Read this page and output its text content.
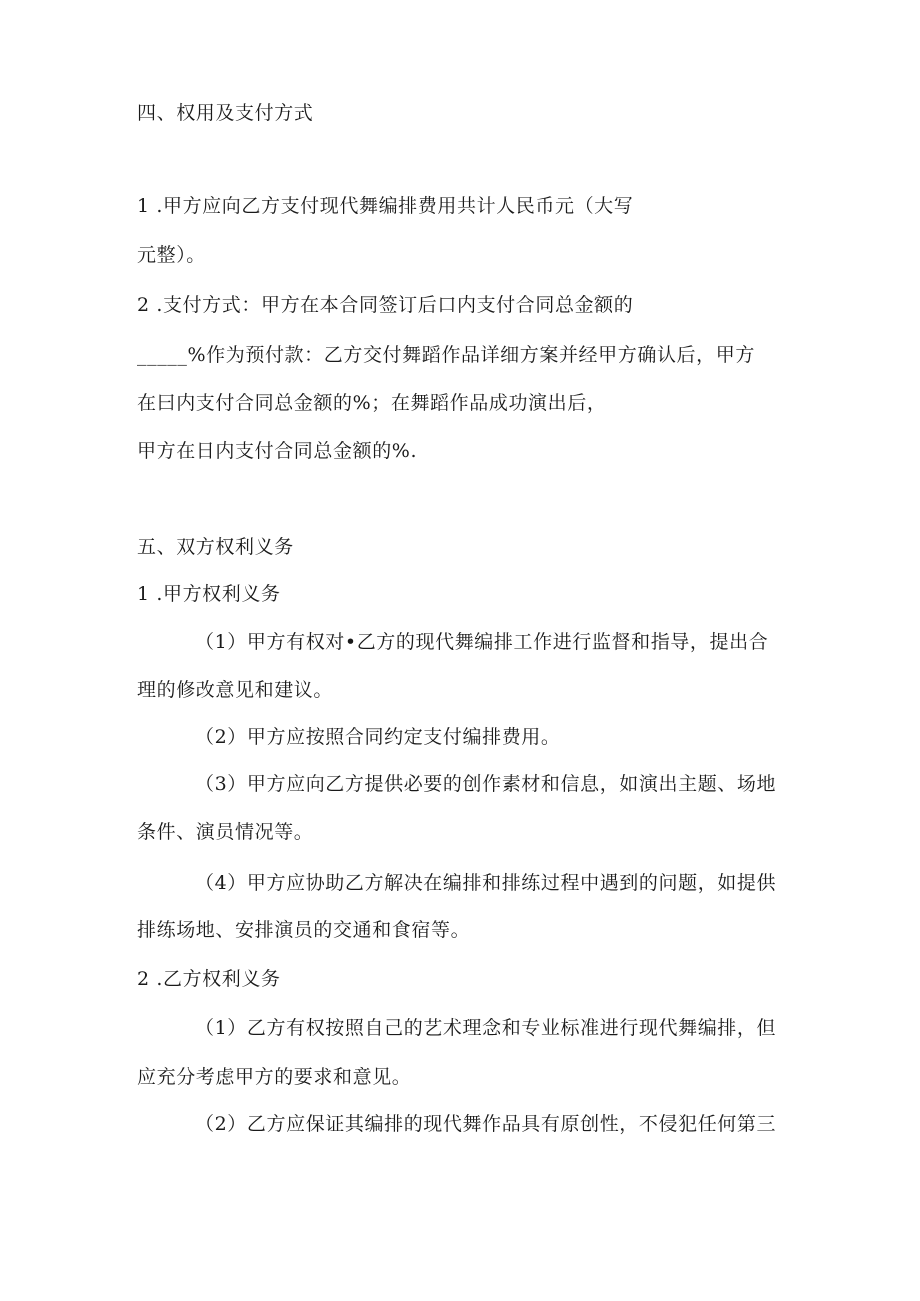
四、权用及支付方式
1 .甲方应向乙方支付现代舞编排费用共计人民币元（大写
元整）。
2 .支付方式：甲方在本合同签订后口内支付合同总金额的
_____%作为预付款：乙方交付舞蹈作品详细方案并经甲方确认后，甲方
在曰内支付合同总金额的%；在舞蹈作品成功演出后，
甲方在日内支付合同总金额的%.
五、双方权利义务
1 .甲方权利义务
（1）甲方有权对•乙方的现代舞编排工作进行监督和指导，提出合
理的修改意见和建议。
（2）甲方应按照合同约定支付编排费用。
（3）甲方应向乙方提供必要的创作素材和信息，如演出主题、场地
条件、演员情况等。
（4）甲方应协助乙方解决在编排和排练过程中遇到的问题，如提供
排练场地、安排演员的交通和食宿等。
2 .乙方权利义务
（1）乙方有权按照自己的艺术理念和专业标准进行现代舞编排，但
应充分考虑甲方的要求和意见。
（2）乙方应保证其编排的现代舞作品具有原创性，不侵犯任何第三
